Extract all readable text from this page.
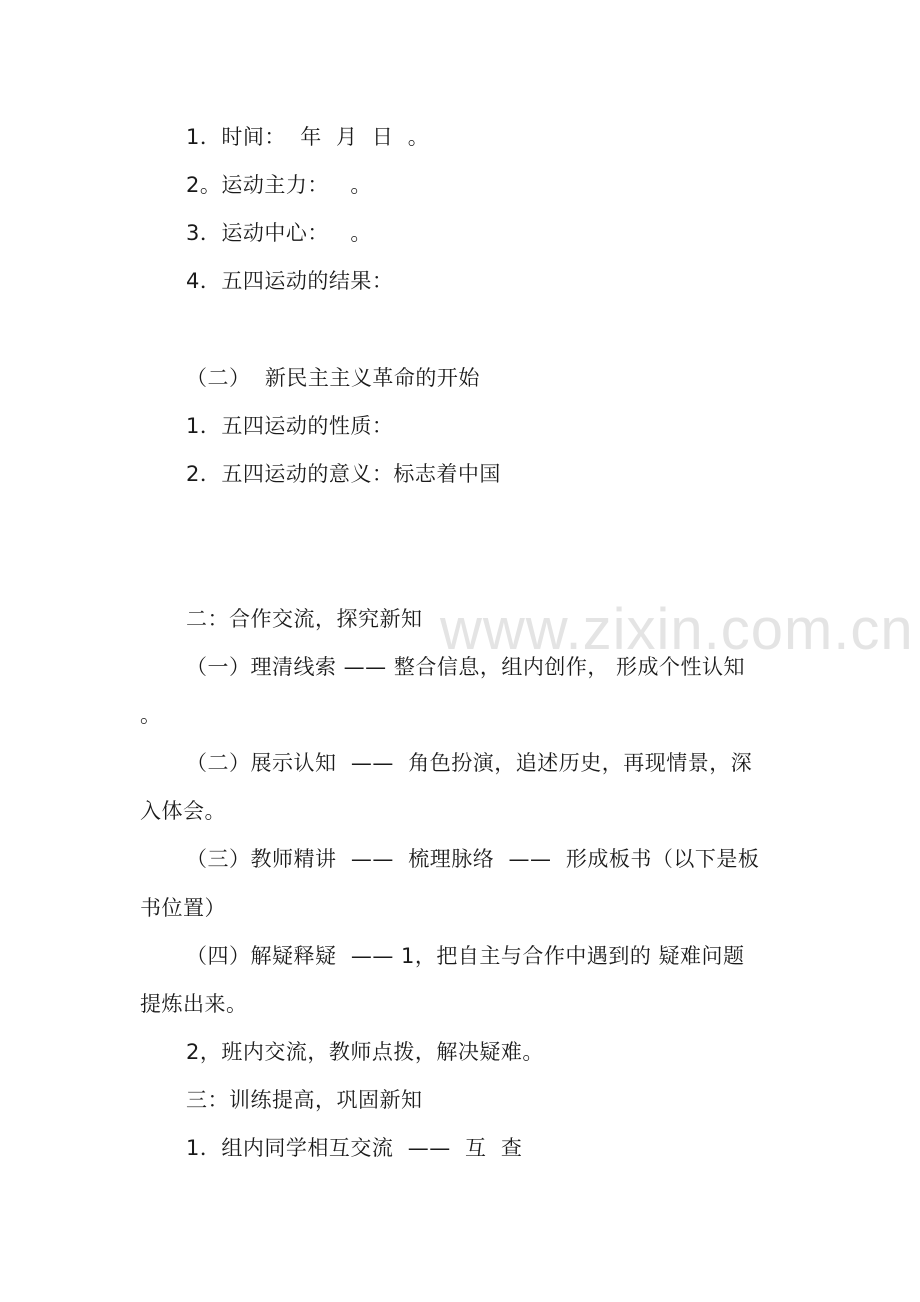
www.zixin.com.cn
1．时间：  年  月  日  。
2。运动主力：   。
3．运动中心：   。
4．五四运动的结果：
（二）  新民主主义革命的开始
1．五四运动的性质：
2．五四运动的意义：标志着中国
二：合作交流，探究新知
（一）理清线索 —— 整合信息，组内创作， 形成个性认知
。
（二）展示认知  ——  角色扮演，追述历史，再现情景，深
入体会。
（三）教师精讲  ——  梳理脉络  ——  形成板书（以下是板
书位置）
（四）解疑释疑  —— 1，把自主与合作中遇到的 疑难问题
提炼出来。
2，班内交流，教师点拨，解决疑难。
三：训练提高，巩固新知
1．组内同学相互交流  ——  互  查
